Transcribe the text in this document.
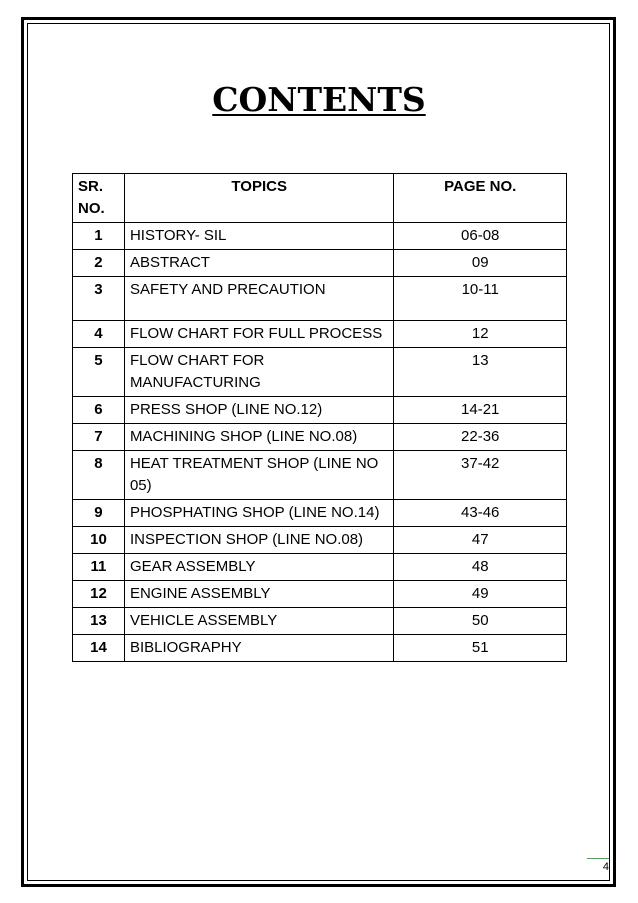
CONTENTS
SR. NO.	TOPICS	PAGE NO.
1	HISTORY- SIL	06-08
2	ABSTRACT	09
3	SAFETY AND PRECAUTION	10-11
4	FLOW CHART FOR FULL PROCESS	12
5	FLOW CHART FOR MANUFACTURING	13
6	PRESS SHOP (LINE NO.12)	14-21
7	MACHINING SHOP (LINE NO.08)	22-36
8	HEAT TREATMENT SHOP (LINE NO 05)	37-42
9	PHOSPHATING SHOP (LINE NO.14)	43-46
10	INSPECTION SHOP (LINE NO.08)	47
11	GEAR ASSEMBLY	48
12	ENGINE ASSEMBLY	49
13	VEHICLE ASSEMBLY	50
14	BIBLIOGRAPHY	51
4
